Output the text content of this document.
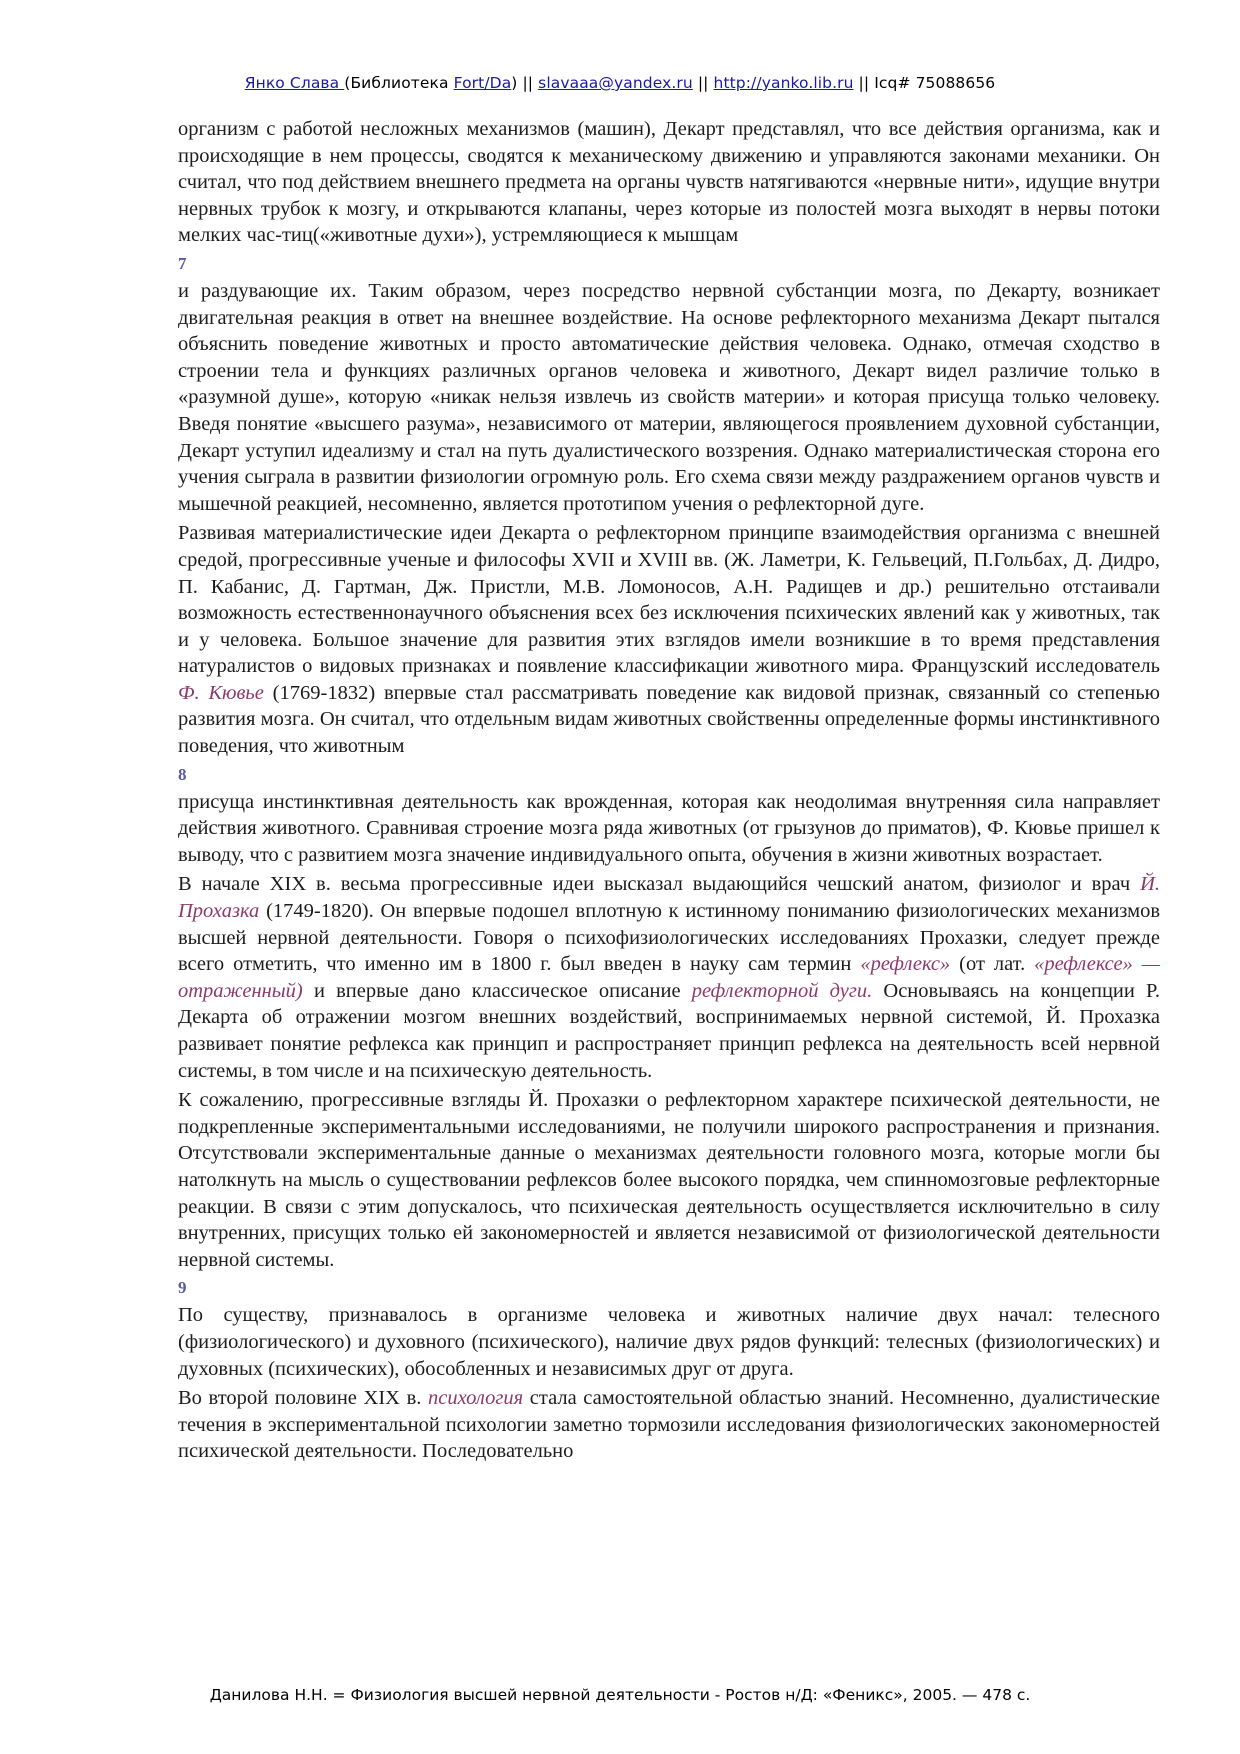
Янко Слава (Библиотека Fort/Da) || slavaaa@yandex.ru || http://yanko.lib.ru || Icq# 75088656

организм с работой несложных механизмов (машин), Декарт представлял, что все действия организма, как и происходящие в нем процессы, сводятся к механическому движению и управляются законами механики. Он считал, что под действием внешнего предмета на органы чувств натягиваются «нервные нити», идущие внутри нервных трубок к мозгу, и открываются клапаны, через которые из полостей мозга выходят в нервы потоки мелких час-тиц(«животные духи»), устремляющиеся к мышцам

7

и раздувающие их. Таким образом, через посредство нервной субстанции мозга, по Декарту, возникает двигательная реакция в ответ на внешнее воздействие. На основе рефлекторного механизма Декарт пытался объяснить поведение животных и просто автоматические действия человека. Однако, отмечая сходство в строении тела и функциях различных органов человека и животного, Декарт видел различие только в «разумной душе», которую «никак нельзя извлечь из свойств материи» и которая присуща только человеку. Введя понятие «высшего разума», независимого от материи, являющегося проявлением духовной субстанции, Декарт уступил идеализму и стал на путь дуалистического воззрения. Однако материалистическая сторона его учения сыграла в развитии физиологии огромную роль. Его схема связи между раздражением органов чувств и мышечной реакцией, несомненно, является прототипом учения о рефлекторной дуге.

Развивая материалистические идеи Декарта о рефлекторном принципе взаимодействия организма с внешней средой, прогрессивные ученые и философы XVII и XVIII вв. (Ж. Ламетри, К. Гельвеций, П.Гольбах, Д. Дидро, П. Кабанис, Д. Гартман, Дж. Пристли, М.В. Ломоносов, А.Н. Радищев и др.) решительно отстаивали возможность естественнонаучного объяснения всех без исключения психических явлений как у животных, так и у человека. Большое значение для развития этих взглядов имели возникшие в то время представления натуралистов о видовых признаках и появление классификации животного мира. Французский исследователь Ф. Кювье (1769-1832) впервые стал рассматривать поведение как видовой признак, связанный со степенью развития мозга. Он считал, что отдельным видам животных свойственны определенные формы инстинктивного поведения, что животным

8

присуща инстинктивная деятельность как врожденная, которая как неодолимая внутренняя сила направляет действия животного. Сравнивая строение мозга ряда животных (от грызунов до приматов), Ф. Кювье пришел к выводу, что с развитием мозга значение индивидуального опыта, обучения в жизни животных возрастает.

В начале XIX в. весьма прогрессивные идеи высказал выдающийся чешский анатом, физиолог и врач Й. Прохазка (1749-1820). Он впервые подошел вплотную к истинному пониманию физиологических механизмов высшей нервной деятельности. Говоря о психофизиологических исследованиях Прохазки, следует прежде всего отметить, что именно им в 1800 г. был введен в науку сам термин «рефлекс» (от лат. «рефлексе» — отраженный) и впервые дано классическое описание рефлекторной дуги. Основываясь на концепции Р. Декарта об отражении мозгом внешних воздействий, воспринимаемых нервной системой, Й. Прохазка развивает понятие рефлекса как принцип и распространяет принцип рефлекса на деятельность всей нервной системы, в том числе и на психическую деятельность.

К сожалению, прогрессивные взгляды Й. Прохазки о рефлекторном характере психической деятельности, не подкрепленные экспериментальными исследованиями, не получили широкого распространения и признания. Отсутствовали экспериментальные данные о механизмах деятельности головного мозга, которые могли бы натолкнуть на мысль о существовании рефлексов более высокого порядка, чем спинномозговые рефлекторные реакции. В связи с этим допускалось, что психическая деятельность осуществляется исключительно в силу внутренних, присущих только ей закономерностей и является независимой от физиологической деятельности нервной системы.

9

По существу, признавалось в организме человека и животных наличие двух начал: телесного (физиологического) и духовного (психического), наличие двух рядов функций: телесных (физиологических) и духовных (психических), обособленных и независимых друг от друга.

Во второй половине XIX в. психология стала самостоятельной областью знаний. Несомненно, дуалистические течения в экспериментальной психологии заметно тормозили исследования физиологических закономерностей психической деятельности. Последовательно

Данилова Н.Н. = Физиология высшей нервной деятельности - Ростов н/Д: «Феникс», 2005. — 478 с.
